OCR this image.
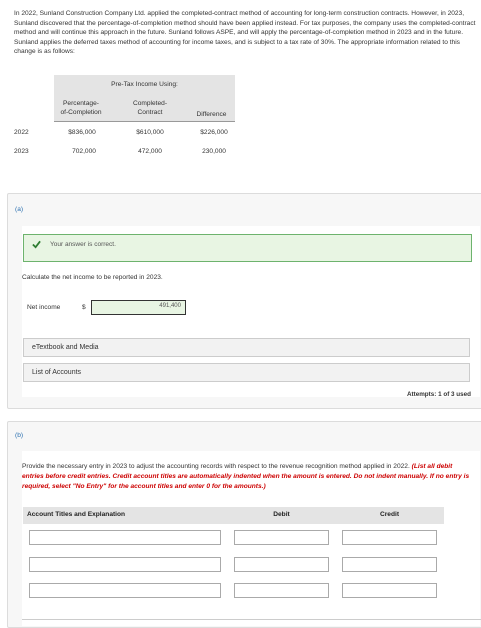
In 2022, Sunland Construction Company Ltd. applied the completed-contract method of accounting for long-term construction contracts. However, in 2023, Sunland discovered that the percentage-of-completion method should have been applied instead. For tax purposes, the company uses the completed-contract method and will continue this approach in the future. Sunland follows ASPE, and will apply the percentage-of-completion method in 2023 and in the future. Sunland applies the deferred taxes method of accounting for income taxes, and is subject to a tax rate of 30%. The appropriate information related to this change is as follows:
Pre-Tax Income Using:
Percentage-
of-Completion
Completed-
Contract	Difference
2022	$836,000	$610,000	$226,000
2023	702,000	472,000	230,000
(a)
Your answer is correct.
Calculate the net income to be reported in 2023.
Net income	$	491,400
eTextbook and Media
List of Accounts
Attempts: 1 of 3 used
(b)
Provide the necessary entry in 2023 to adjust the accounting records with respect to the revenue recognition method applied in 2022. (List all debit entries before credit entries. Credit account titles are automatically indented when the amount is entered. Do not indent manually. If no entry is required, select "No Entry" for the account titles and enter 0 for the amounts.)
Account Titles and Explanation	Debit	Credit
